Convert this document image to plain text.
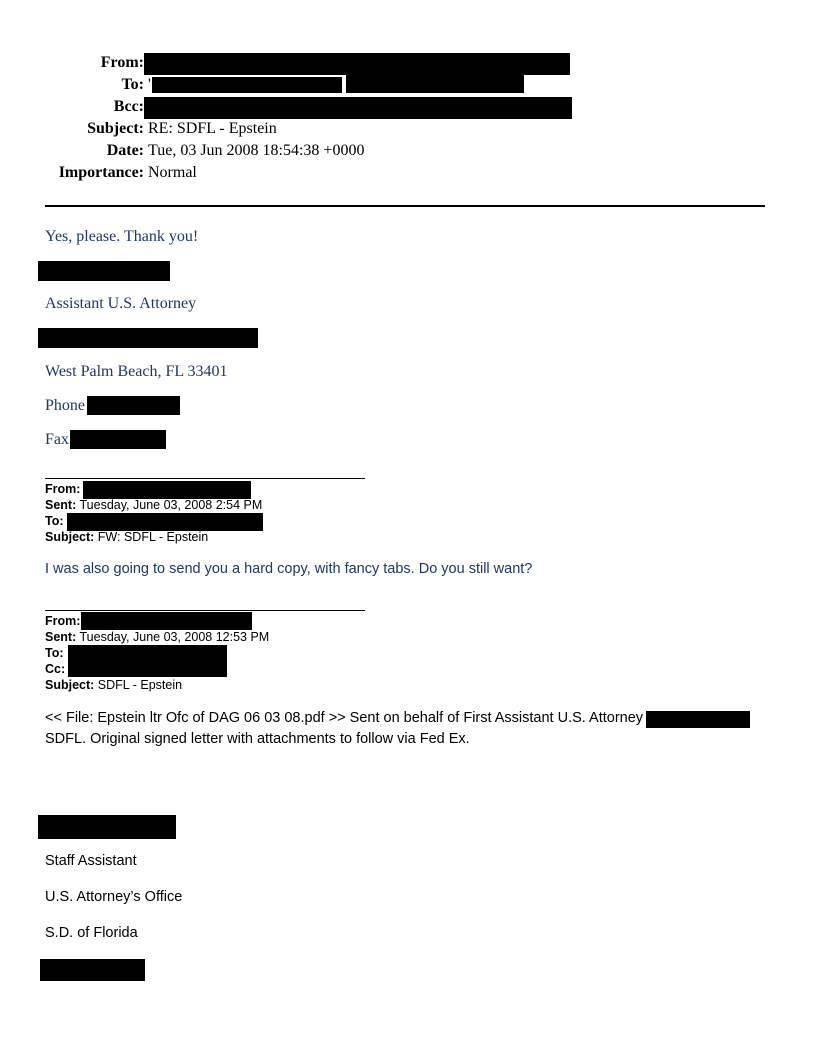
From:
To: '
Bcc:
Subject: RE: SDFL - Epstein
Date: Tue, 03 Jun 2008 18:54:38 +0000
Importance: Normal
Yes, please. Thank you!
Assistant U.S. Attorney
West Palm Beach, FL 33401
Phone
Fax
From:
Sent: Tuesday, June 03, 2008 2:54 PM
To:
Subject: FW: SDFL - Epstein
I was also going to send you a hard copy, with fancy tabs. Do you still want?
From:
Sent: Tuesday, June 03, 2008 12:53 PM
To:
Cc:
Subject: SDFL - Epstein
<< File: Epstein ltr Ofc of DAG 06 03 08.pdf >> Sent on behalf of First Assistant U.S. Attorney
SDFL. Original signed letter with attachments to follow via Fed Ex.
Staff Assistant
U.S. Attorney’s Office
S.D. of Florida
